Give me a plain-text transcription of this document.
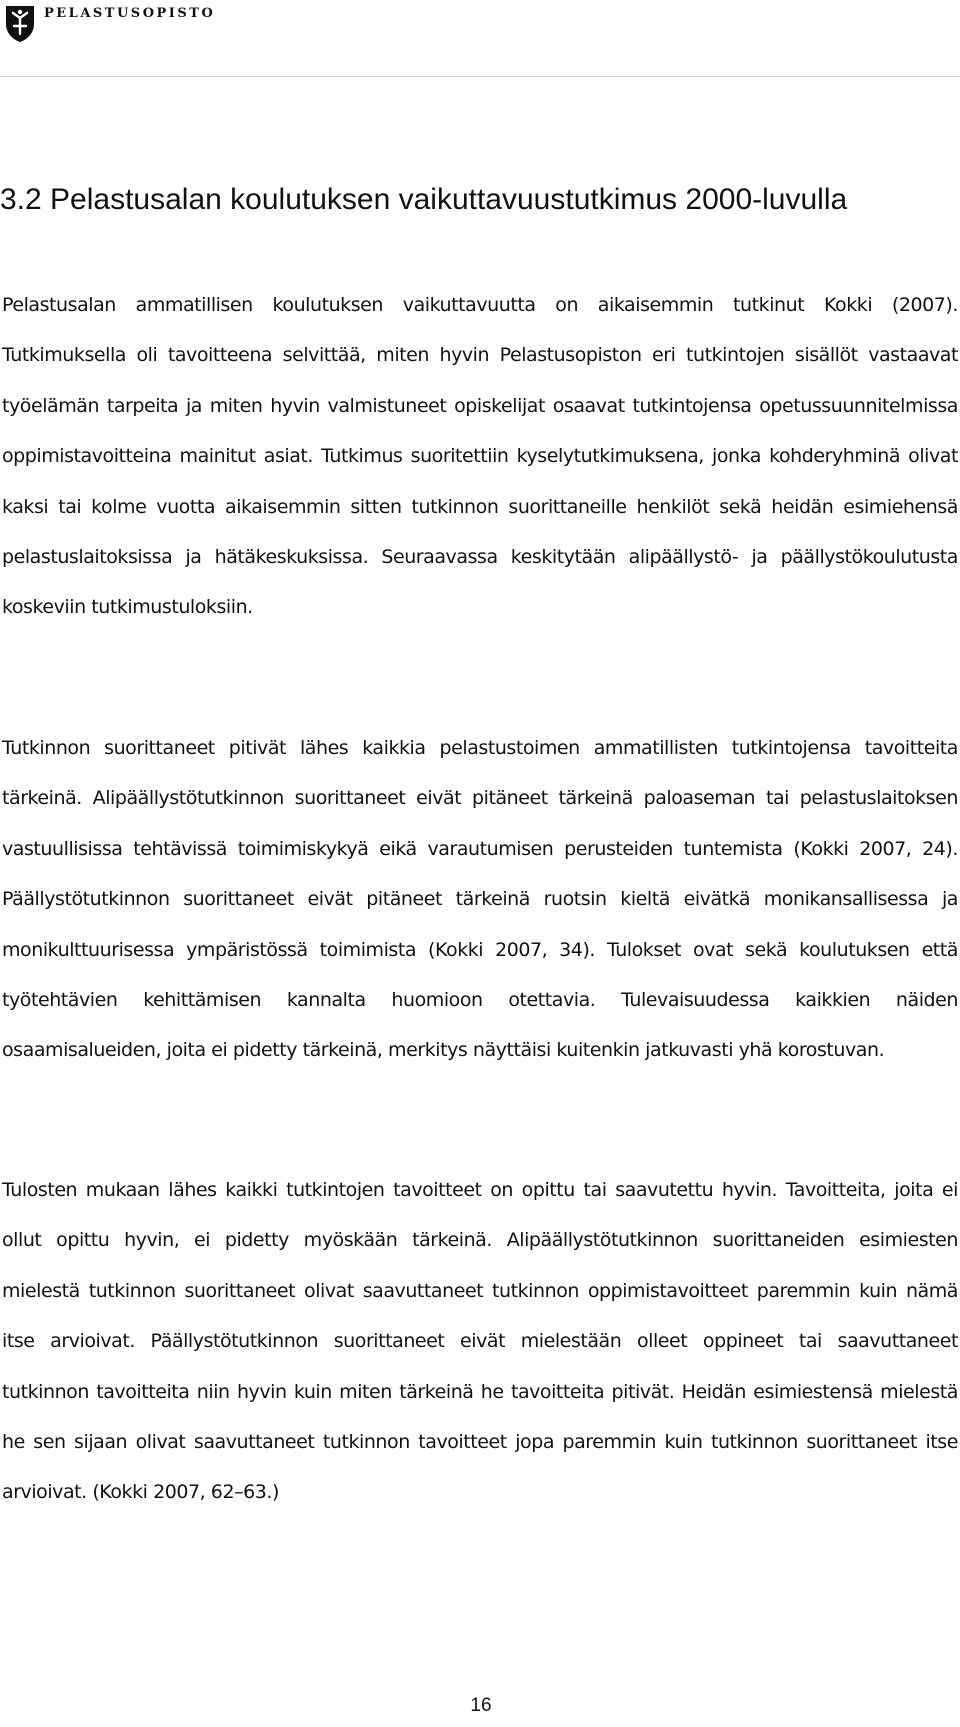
PELASTUSOPISTO
3.2 Pelastusalan koulutuksen vaikuttavuustutkimus 2000-luvulla

Pelastusalan ammatillisen koulutuksen vaikuttavuutta on aikaisemmin tutkinut Kokki (2007). Tutkimuksella oli tavoitteena selvittää, miten hyvin Pelastusopiston eri tutkintojen sisällöt vastaavat työelämän tarpeita ja miten hyvin valmistuneet opiskelijat osaavat tutkintojensa opetussuunnitelmissa oppimistavoitteina mainitut asiat. Tutkimus suoritettiin kyselytutkimuksena, jonka kohderyhminä olivat kaksi tai kolme vuotta aikaisemmin sitten tutkinnon suorittaneille henkilöt sekä heidän esimiehensä pelastuslaitoksissa ja hätäkeskuksissa. Seuraavassa keskitytään alipäällystö- ja päällystökoulutusta koskeviin tutkimustuloksiin.

Tutkinnon suorittaneet pitivät lähes kaikkia pelastustoimen ammatillisten tutkintojensa tavoitteita tärkeinä. Alipäällystötutkinnon suorittaneet eivät pitäneet tärkeinä paloaseman tai pelastuslaitoksen vastuullisissa tehtävissä toimimiskykyä eikä varautumisen perusteiden tuntemista (Kokki 2007, 24). Päällystötutkinnon suorittaneet eivät pitäneet tärkeinä ruotsin kieltä eivätkä monikansallisessa ja monikulttuurisessa ympäristössä toimimista (Kokki 2007, 34). Tulokset ovat sekä koulutuksen että työtehtävien kehittämisen kannalta huomioon otettavia. Tulevaisuudessa kaikkien näiden osaamisalueiden, joita ei pidetty tärkeinä, merkitys näyttäisi kuitenkin jatkuvasti yhä korostuvan.

Tulosten mukaan lähes kaikki tutkintojen tavoitteet on opittu tai saavutettu hyvin. Tavoitteita, joita ei ollut opittu hyvin, ei pidetty myöskään tärkeinä. Alipäällystötutkinnon suorittaneiden esimiesten mielestä tutkinnon suorittaneet olivat saavuttaneet tutkinnon oppimistavoitteet paremmin kuin nämä itse arvioivat. Päällystötutkinnon suorittaneet eivät mielestään olleet oppineet tai saavuttaneet tutkinnon tavoitteita niin hyvin kuin miten tärkeinä he tavoitteita pitivät. Heidän esimiestensä mielestä he sen sijaan olivat saavuttaneet tutkinnon tavoitteet jopa paremmin kuin tutkinnon suorittaneet itse arvioivat. (Kokki 2007, 62–63.)

16
